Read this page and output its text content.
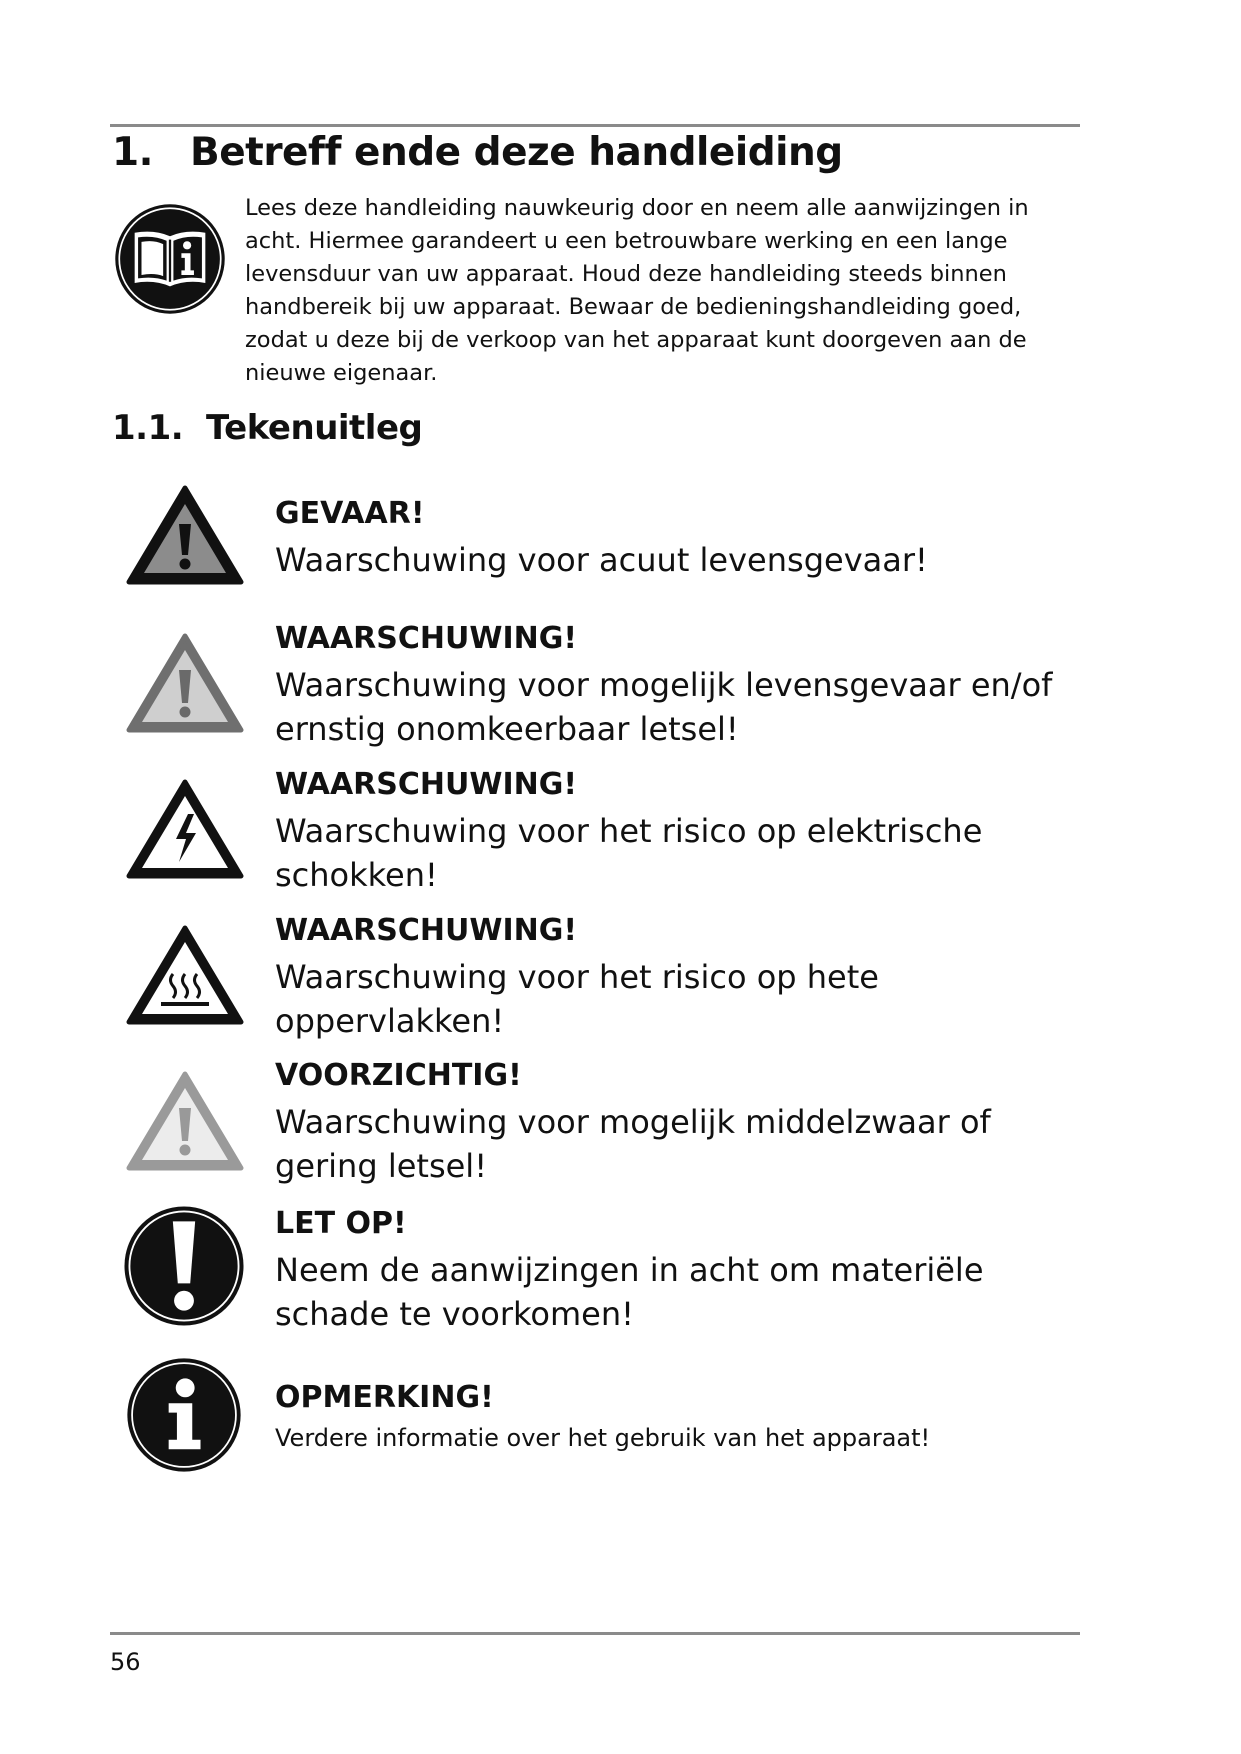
1. Betreff ende deze handleiding

Lees deze handleiding nauwkeurig door en neem alle aanwijzingen in acht. Hiermee garandeert u een betrouwbare werking en een lange levensduur van uw apparaat. Houd deze handleiding steeds binnen handbereik bij uw apparaat. Bewaar de bedieningshandleiding goed, zodat u deze bij de verkoop van het apparaat kunt doorgeven aan de nieuwe eigenaar.

1.1. Tekenuitleg
GEVAAR!

Waarschuwing voor acuut levensgevaar!

WAARSCHUWING!

Waarschuwing voor mogelijk levensgevaar en/of ernstig onomkeerbaar letsel!

WAARSCHUWING!

Waarschuwing voor het risico op elektrische schokken!

WAARSCHUWING!

Waarschuwing voor het risico op hete oppervlakken!

VOORZICHTIG!

Waarschuwing voor mogelijk middelzwaar of gering letsel!

LET OP!

Neem de aanwijzingen in acht om materiële schade te voorkomen!

OPMERKING!

Verdere informatie over het gebruik van het apparaat!

56
